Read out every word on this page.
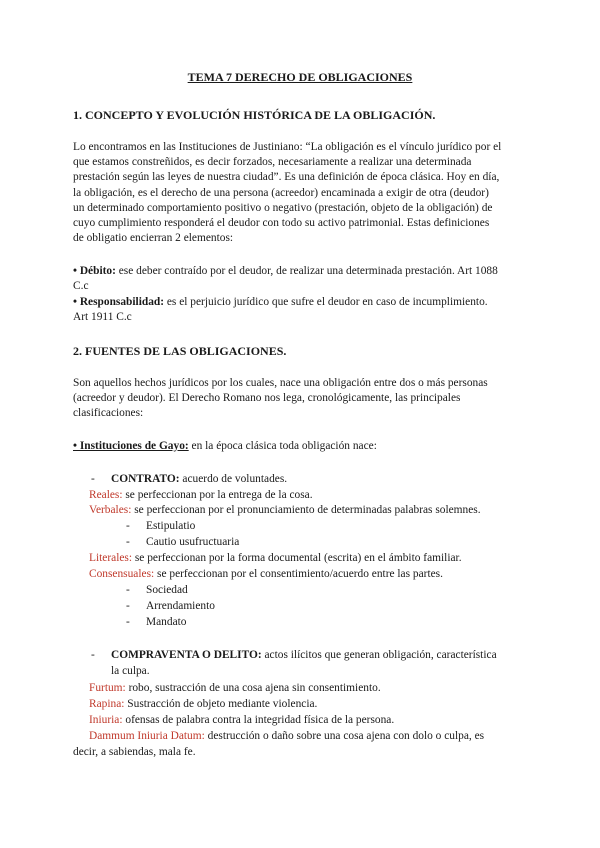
TEMA 7 DERECHO DE OBLIGACIONES
1. CONCEPTO Y EVOLUCIÓN HISTÓRICA DE LA OBLIGACIÓN.
Lo encontramos en las Instituciones de Justiniano: “La obligación es el vínculo jurídico por el
que estamos constreñidos, es decir forzados, necesariamente a realizar una determinada
prestación según las leyes de nuestra ciudad”. Es una definición de época clásica. Hoy en día,
la obligación, es el derecho de una persona (acreedor) encaminada a exigir de otra (deudor)
un determinado comportamiento positivo o negativo (prestación, objeto de la obligación) de
cuyo cumplimiento responderá el deudor con todo su activo patrimonial. Estas definiciones
de obligatio encierran 2 elementos:
• Débito: ese deber contraído por el deudor, de realizar una determinada prestación. Art 1088
C.c
• Responsabilidad: es el perjuicio jurídico que sufre el deudor en caso de incumplimiento.
Art 1911 C.c
2. FUENTES DE LAS OBLIGACIONES.
Son aquellos hechos jurídicos por los cuales, nace una obligación entre dos o más personas
(acreedor y deudor). El Derecho Romano nos lega, cronológicamente, las principales
clasificaciones:
• Instituciones de Gayo: en la época clásica toda obligación nace:
- CONTRATO: acuerdo de voluntades.
Reales: se perfeccionan por la entrega de la cosa.
Verbales: se perfeccionan por el pronunciamiento de determinadas palabras solemnes.
- Estipulatio
- Cautio usufructuaria
Literales: se perfeccionan por la forma documental (escrita) en el ámbito familiar.
Consensuales: se perfeccionan por el consentimiento/acuerdo entre las partes.
- Sociedad
- Arrendamiento
- Mandato
- COMPRAVENTA O DELITO: actos ilícitos que generan obligación, característica
la culpa.
Furtum: robo, sustracción de una cosa ajena sin consentimiento.
Rapina: Sustracción de objeto mediante violencia.
Iniuria: ofensas de palabra contra la integridad física de la persona.
Dammum Iniuria Datum: destrucción o daño sobre una cosa ajena con dolo o culpa, es
decir, a sabiendas, mala fe.
